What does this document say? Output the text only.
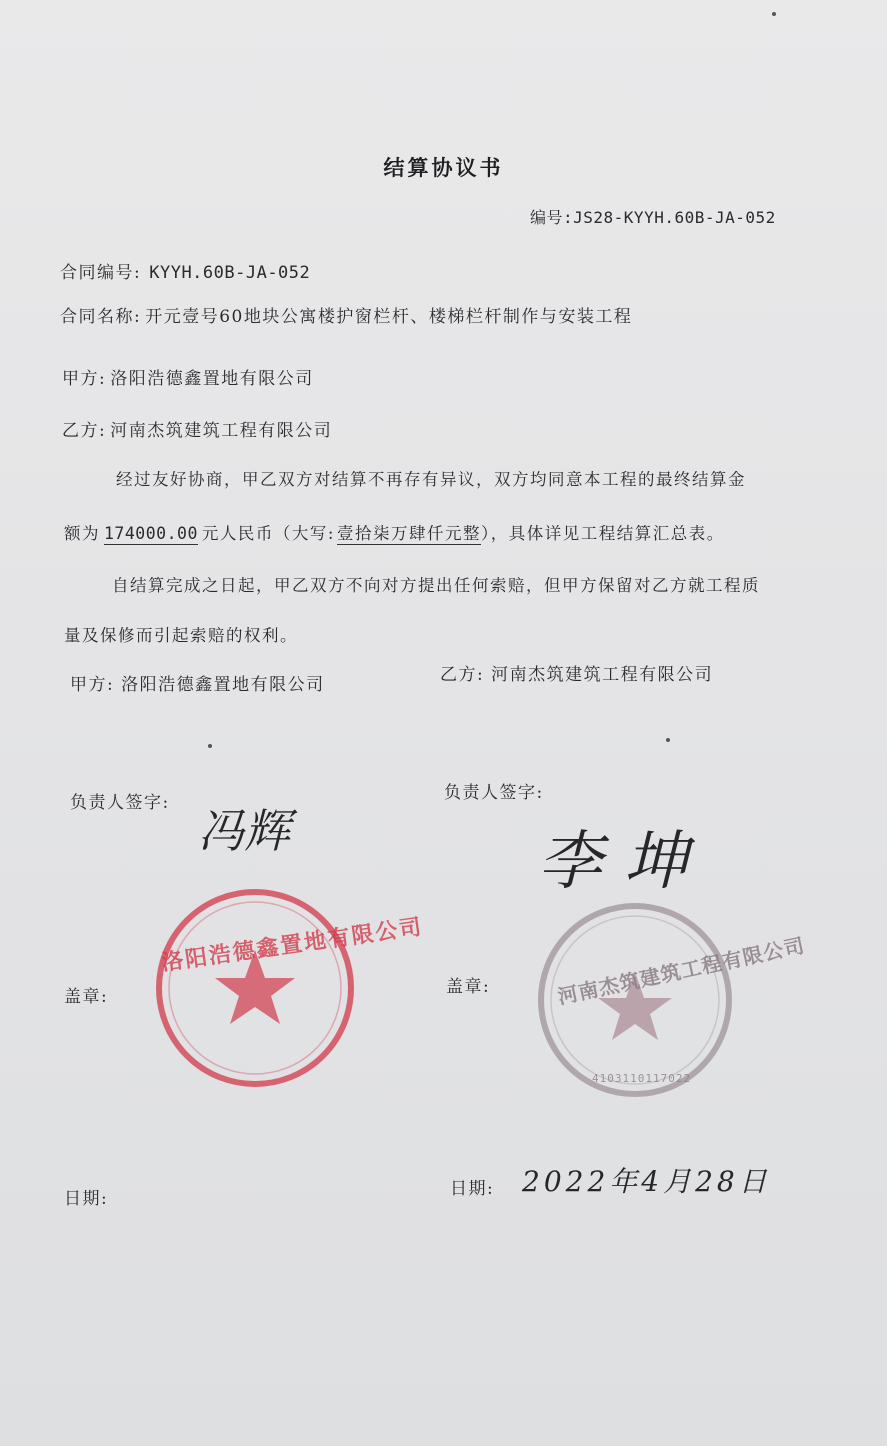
结算协议书
编号:JS28-KYYH.60B-JA-052
合同编号: KYYH.60B-JA-052
合同名称: 开元壹号60地块公寓楼护窗栏杆、楼梯栏杆制作与安装工程
甲方: 洛阳浩德鑫置地有限公司
乙方: 河南杰筑建筑工程有限公司
经过友好协商，甲乙双方对结算不再存有异议，双方均同意本工程的最终结算金
额为 174000.00 元人民币（大写: 壹拾柒万肆仟元整），具体详见工程结算汇总表。
自结算完成之日起，甲乙双方不向对方提出任何索赔，但甲方保留对乙方就工程质
量及保修而引起索赔的权利。
甲方: 洛阳浩德鑫置地有限公司	乙方: 河南杰筑建筑工程有限公司
负责人签字:	负责人签字:
洛阳浩德鑫置地有限公司	河南杰筑建筑工程有限公司
4103110117022
冯辉	李坤
盖章:	盖章:
日期:	日期: 2022年4月28日
